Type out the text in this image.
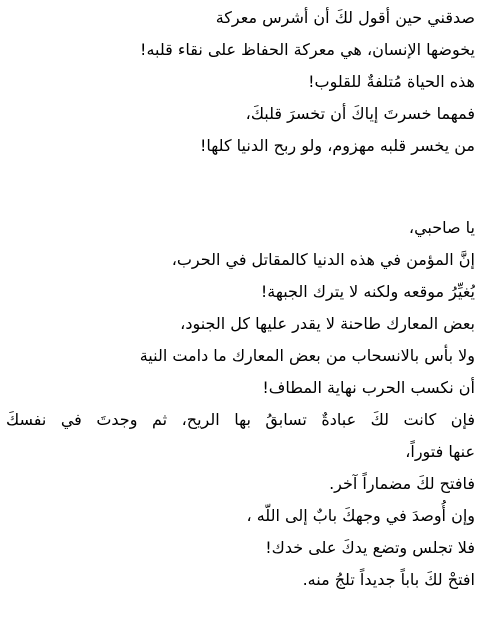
صدقني حين أقول لكَ أن أشرس معركة
يخوضها الإنسان، هي معركة الحفاظ على نقاء قلبه!
هذه الحياة مُتلفةٌ للقلوب!
فمهما خسرتَ إياكَ أن تخسرَ قلبكَ،
من يخسر قلبه مهزوم، ولو ربح الدنيا كلها!
يا صاحبي،
إنَّ المؤمن في هذه الدنيا كالمقاتل في الحرب،
يُغيِّرُ موقعه ولكنه لا يترك الجبهة!
بعض المعارك طاحنة لا يقدر عليها كل الجنود،
ولا بأس بالانسحاب من بعض المعارك ما دامت النية
أن نكسب الحرب نهاية المطاف!
فإن كانت لكَ عبادةٌ تسابقُ بها الريح، ثم وجدتَ في نفسكَ
عنها فتوراً،
فافتح لكَ مضماراً آخر.
وإن أُوصدَ في وجهكَ بابٌ إلى اللّه ،
فلا تجلس وتضع يدكَ على خدك!
افتحْ لكَ باباً جديداً تلجُ منه.
